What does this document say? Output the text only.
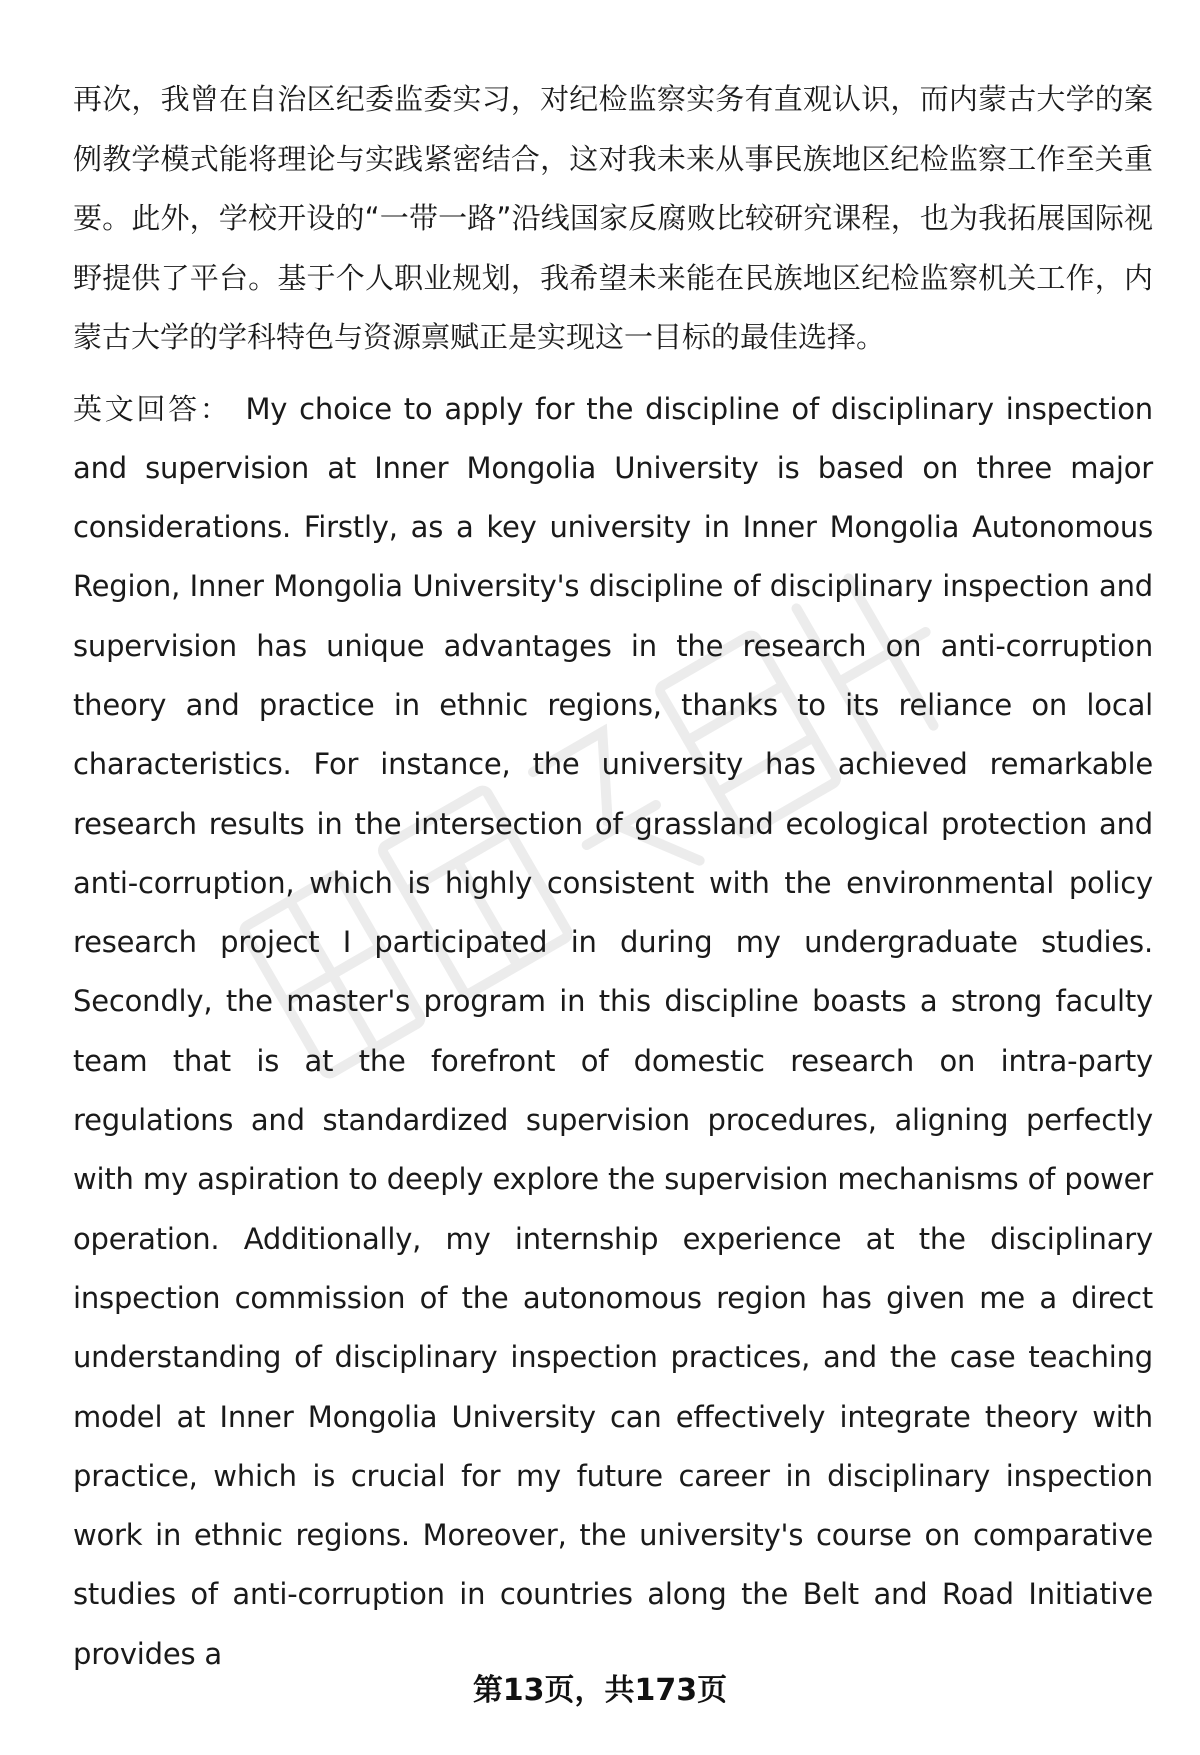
再次，我曾在自治区纪委监委实习，对纪检监察实务有直观认识，而内蒙古大学的案例教学模式能将理论与实践紧密结合，这对我未来从事民族地区纪检监察工作至关重要。此外，学校开设的“一带一路”沿线国家反腐败比较研究课程，也为我拓展国际视野提供了平台。基于个人职业规划，我希望未来能在民族地区纪检监察机关工作，内蒙古大学的学科特色与资源禀赋正是实现这一目标的最佳选择。

英文回答： My choice to apply for the discipline of disciplinary inspection and supervision at Inner Mongolia University is based on three major considerations. Firstly, as a key university in Inner Mongolia Autonomous Region, Inner Mongolia University's discipline of disciplinary inspection and supervision has unique advantages in the research on anti-corruption theory and practice in ethnic regions, thanks to its reliance on local characteristics. For instance, the university has achieved remarkable research results in the intersection of grassland ecological protection and anti-corruption, which is highly consistent with the environmental policy research project I participated in during my undergraduate studies. Secondly, the master's program in this discipline boasts a strong faculty team that is at the forefront of domestic research on intra-party regulations and standardized supervision procedures, aligning perfectly with my aspiration to deeply explore the supervision mechanisms of power operation. Additionally, my internship experience at the disciplinary inspection commission of the autonomous region has given me a direct understanding of disciplinary inspection practices, and the case teaching model at Inner Mongolia University can effectively integrate theory with practice, which is crucial for my future career in disciplinary inspection work in ethnic regions. Moreover, the university's course on comparative studies of anti-corruption in countries along the Belt and Road Initiative provides a

第13页，共173页
